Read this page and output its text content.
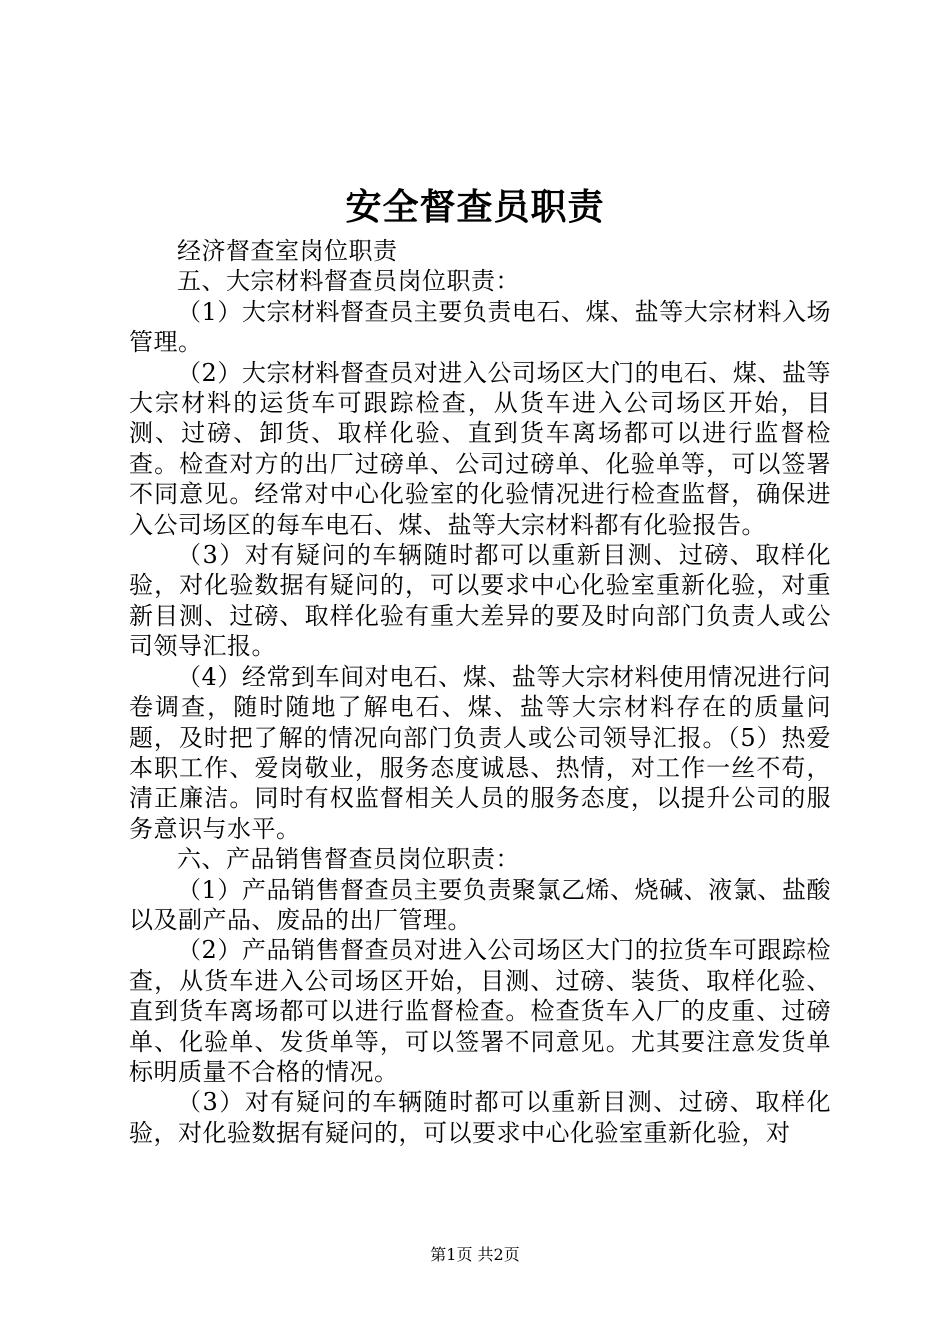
安全督查员职责

经济督查室岗位职责

五、大宗材料督查员岗位职责：

（1）大宗材料督查员主要负责电石、煤、盐等大宗材料入场管理。

（2）大宗材料督查员对进入公司场区大门的电石、煤、盐等大宗材料的运货车可跟踪检查，从货车进入公司场区开始，目测、过磅、卸货、取样化验、直到货车离场都可以进行监督检查。检查对方的出厂过磅单、公司过磅单、化验单等，可以签署不同意见。经常对中心化验室的化验情况进行检查监督，确保进入公司场区的每车电石、煤、盐等大宗材料都有化验报告。

（3）对有疑问的车辆随时都可以重新目测、过磅、取样化验，对化验数据有疑问的，可以要求中心化验室重新化验，对重新目测、过磅、取样化验有重大差异的要及时向部门负责人或公司领导汇报。

（4）经常到车间对电石、煤、盐等大宗材料使用情况进行问卷调查，随时随地了解电石、煤、盐等大宗材料存在的质量问题，及时把了解的情况向部门负责人或公司领导汇报。（5）热爱本职工作、爱岗敬业，服务态度诚恳、热情，对工作一丝不苟，清正廉洁。同时有权监督相关人员的服务态度，以提升公司的服务意识与水平。

六、产品销售督查员岗位职责：

（1）产品销售督查员主要负责聚氯乙烯、烧碱、液氯、盐酸以及副产品、废品的出厂管理。

（2）产品销售督查员对进入公司场区大门的拉货车可跟踪检查，从货车进入公司场区开始，目测、过磅、装货、取样化验、直到货车离场都可以进行监督检查。检查货车入厂的皮重、过磅单、化验单、发货单等，可以签署不同意见。尤其要注意发货单标明质量不合格的情况。

（3）对有疑问的车辆随时都可以重新目测、过磅、取样化验，对化验数据有疑问的，可以要求中心化验室重新化验，对

第1页 共2页
